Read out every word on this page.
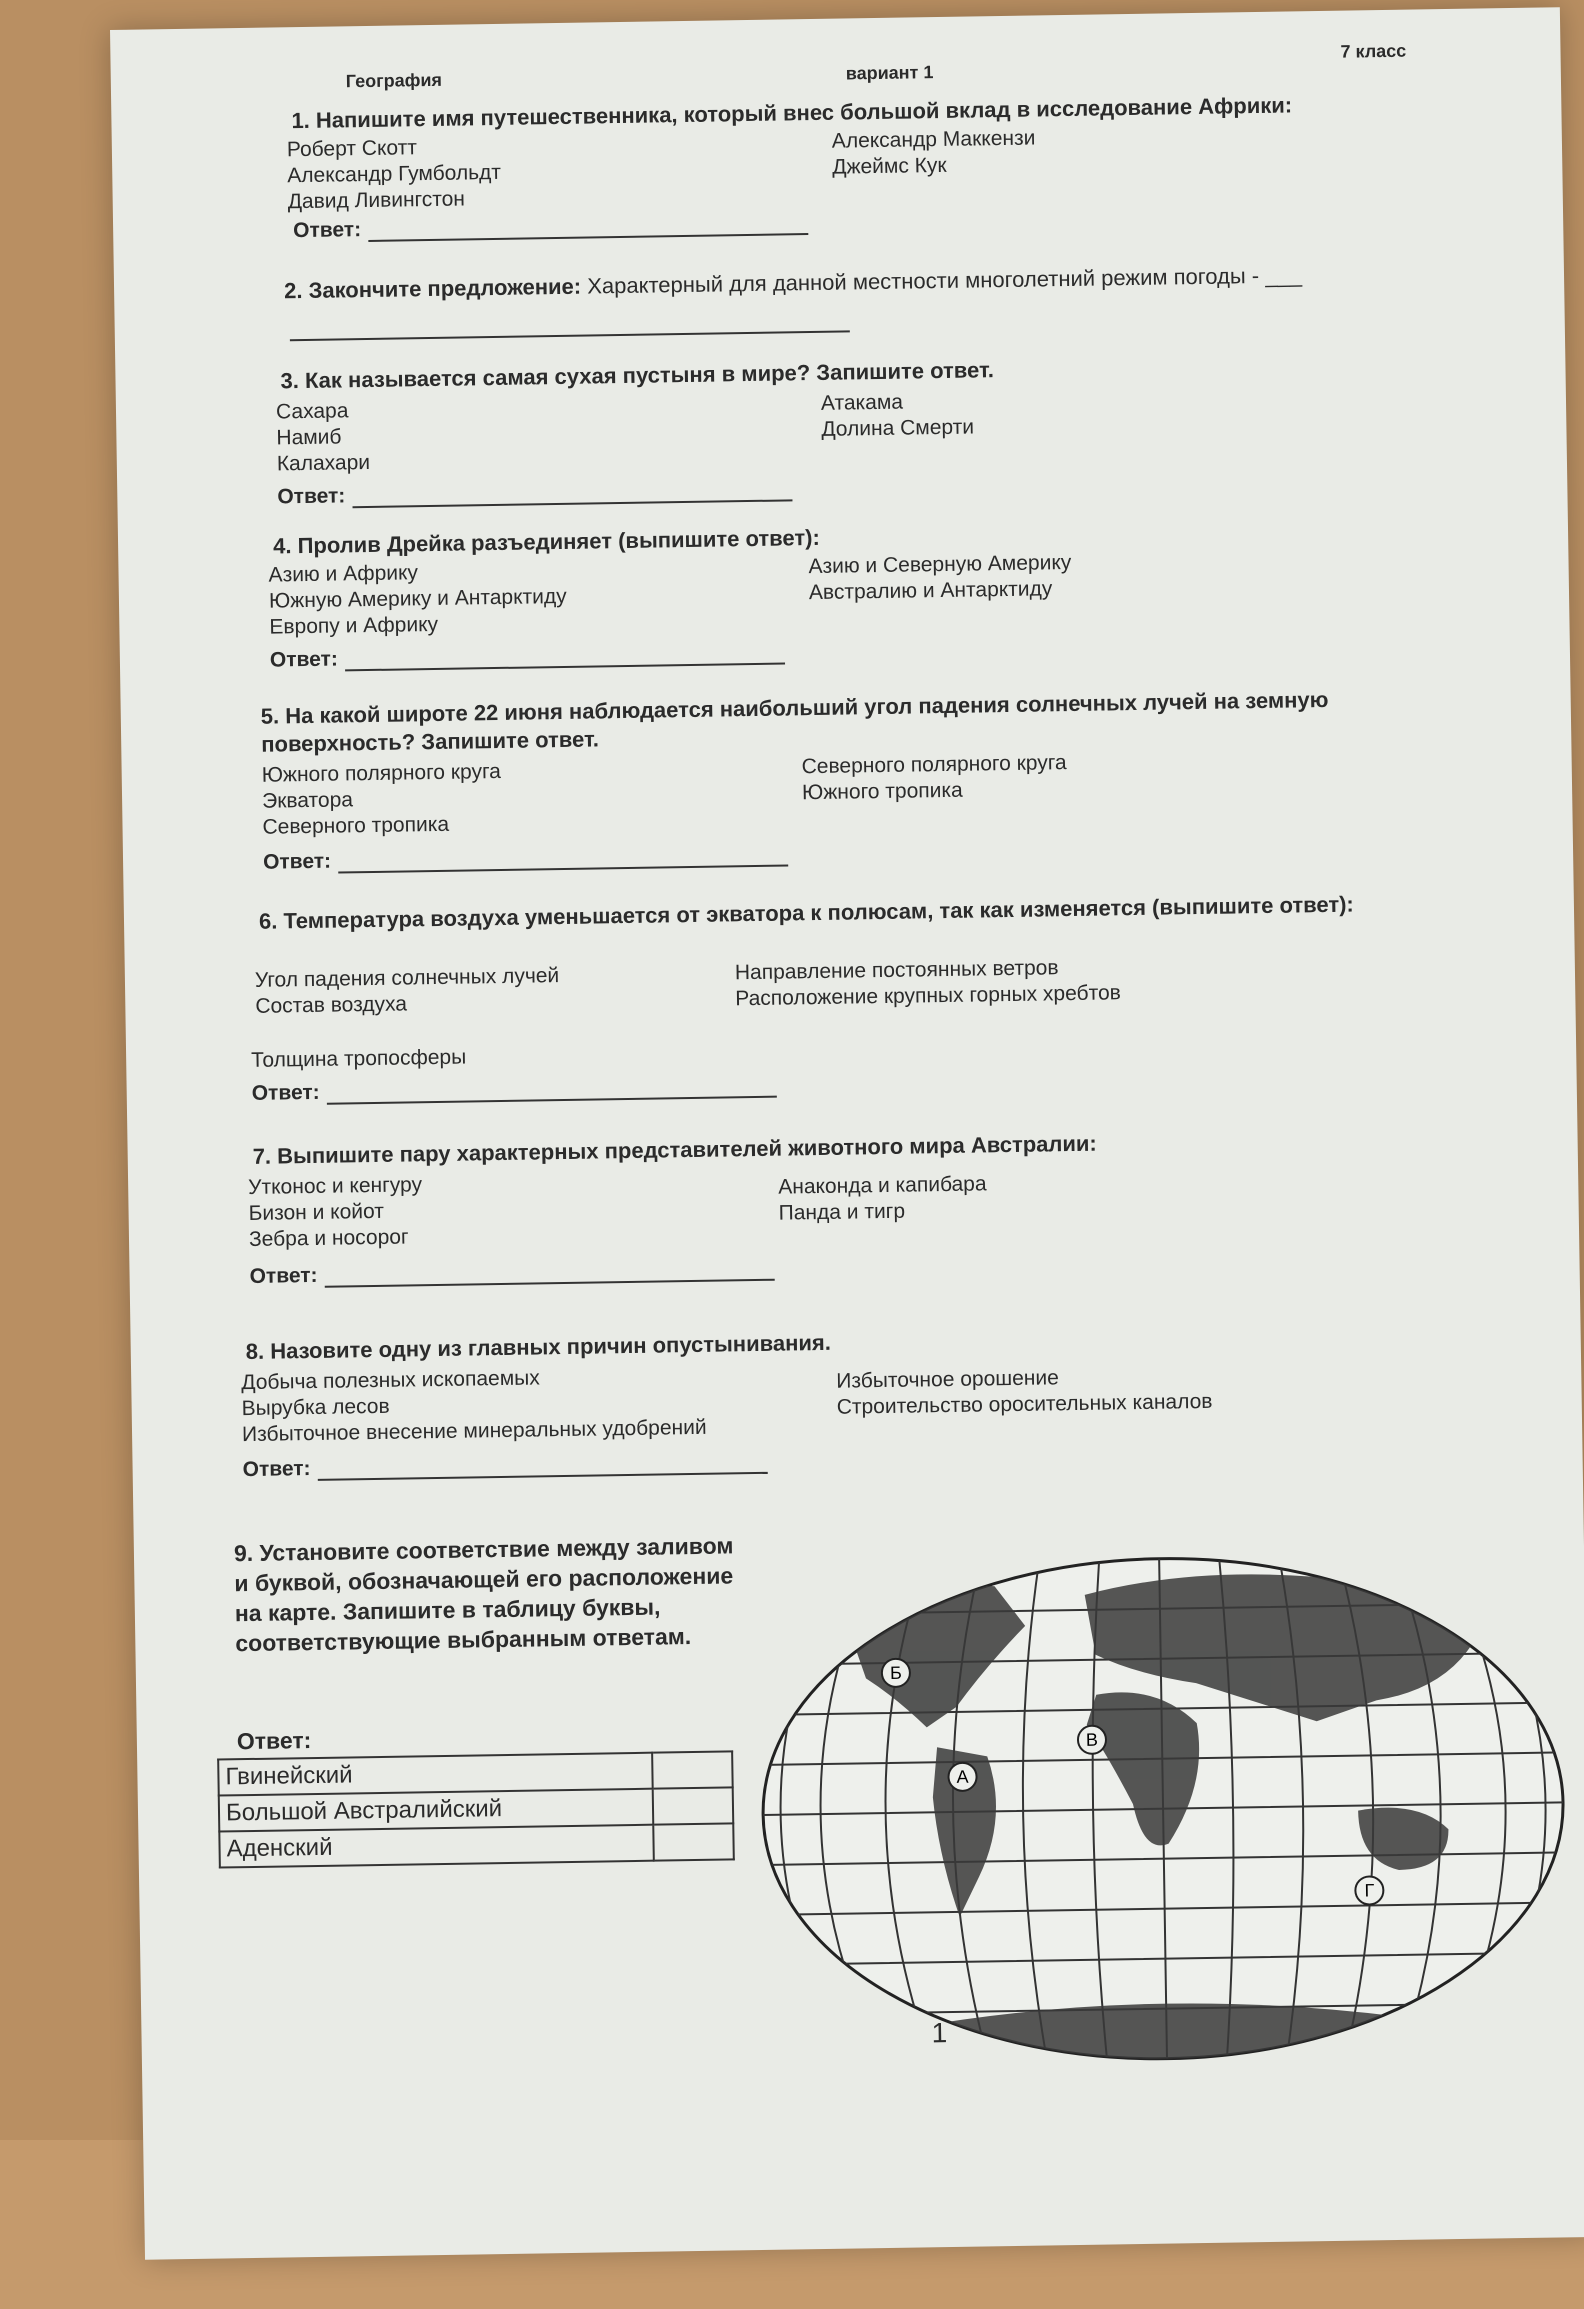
География	вариант 1
7 класс
1. Напишите имя путешественника, который внес большой вклад в исследование Африки:
Роберт Скотт
Александр Гумбольдт
Давид Ливингстон
Александр Маккензи
Джеймс Кук
Ответ:
2. Закончите предложение: Характерный для данной местности многолетний режим погоды - ___
3. Как называется самая сухая пустыня в мире? Запишите ответ.
Сахара
Намиб
Калахари
Атакама
Долина Смерти
Ответ:
4. Пролив Дрейка разъединяет (выпишите ответ):
Азию и Африку
Южную Америку и Антарктиду
Европу и Африку
Азию и Северную Америку
Австралию и Антарктиду
Ответ:
5. На какой широте 22 июня наблюдается наибольший угол падения солнечных лучей на земную поверхность? Запишите ответ.
Южного полярного круга
Экватора
Северного тропика
Северного полярного круга
Южного тропика
Ответ:
6. Температура воздуха уменьшается от экватора к полюсам, так как изменяется (выпишите ответ):
Угол падения солнечных лучей
Состав воздуха
Толщина тропосферы
Направление постоянных ветров
Расположение крупных горных хребтов
Ответ:
7. Выпишите пару характерных представителей животного мира Австралии:
Утконос и кенгуру
Бизон и койот
Зебра и носорог
Анаконда и капибара
Панда и тигр
Ответ:
8. Назовите одну из главных причин опустынивания.
Добыча полезных ископаемых
Вырубка лесов
Избыточное внесение минеральных удобрений
Избыточное орошение
Строительство оросительных каналов
Ответ:
9. Установите соответствие между заливом и буквой, обозначающей его расположение на карте. Запишите в таблицу буквы, соответствующие выбранным ответам.
Ответ:
Гвинейский	
Большой Австралийский	
Аденский	
Б
В
А
Г
1
